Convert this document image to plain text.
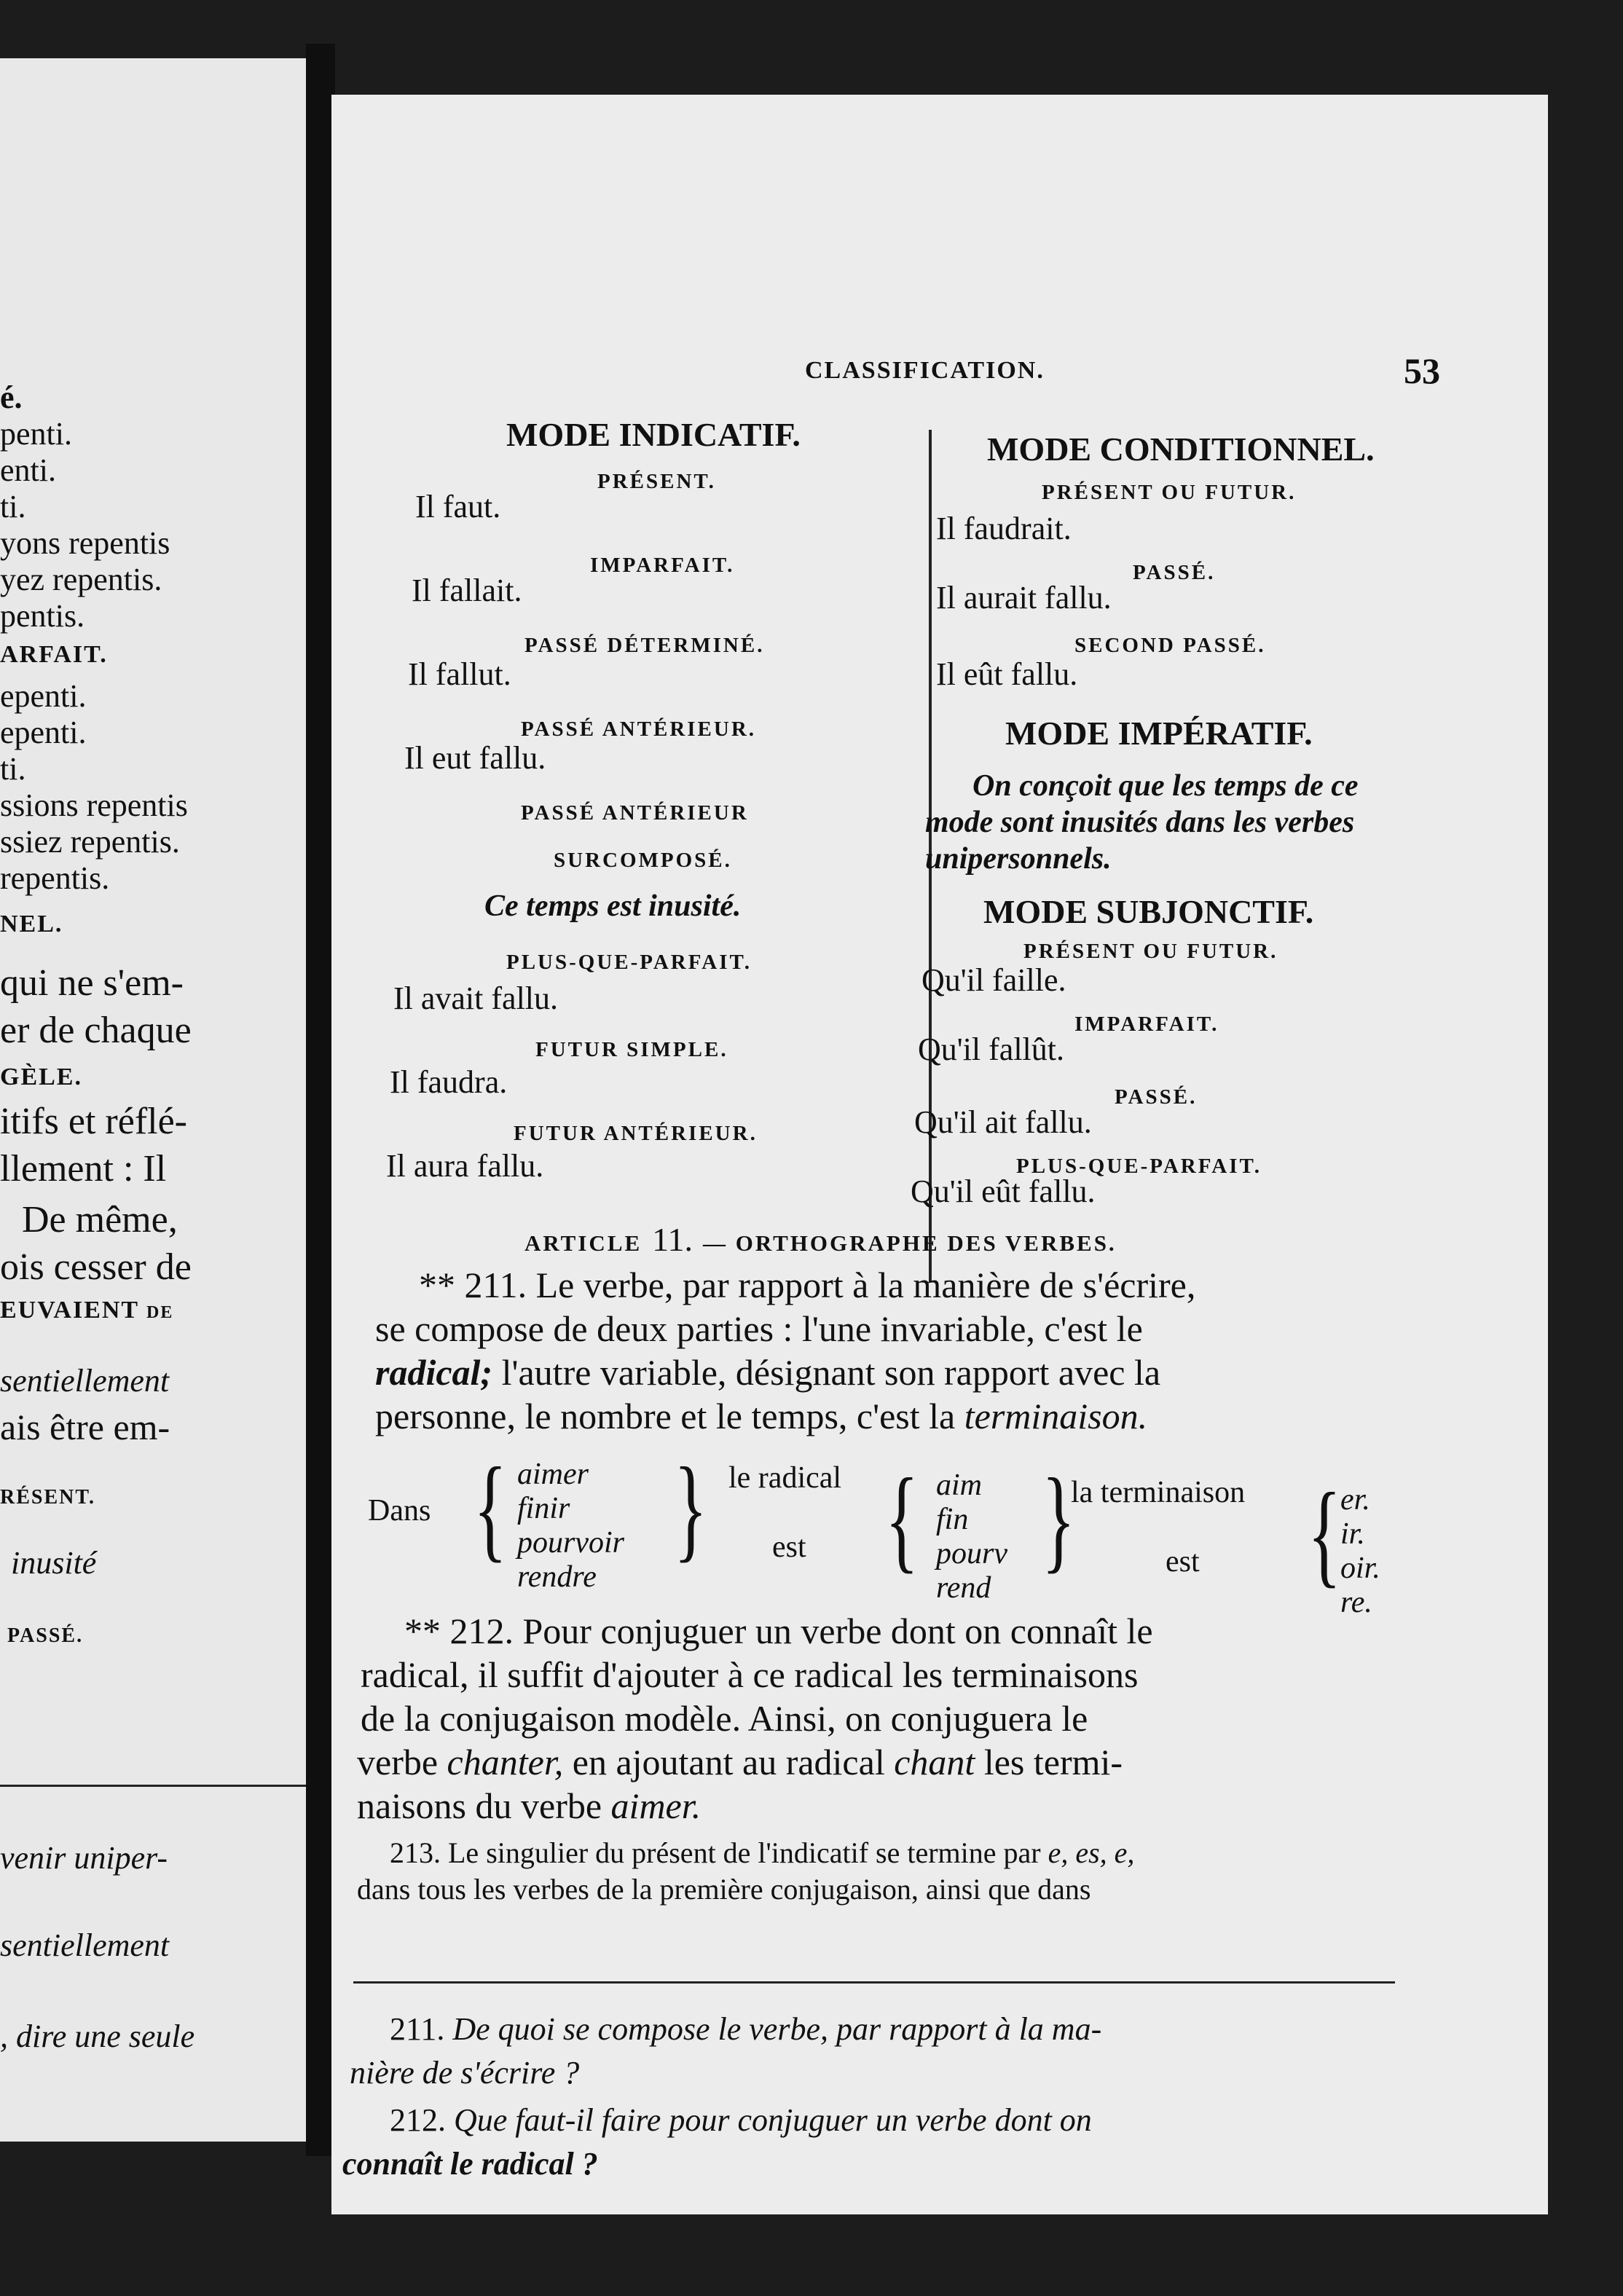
é.
penti.
enti.
ti.
yons repentis
yez repentis.
pentis.
ARFAIT.
epenti.
epenti.
ti.
ssions repentis
ssiez repentis.
repentis.
NEL.
qui ne s'em-
er de chaque
GÈLE.
itifs et réflé-
llement : Il
De même,
ois cesser de
EUVAIENT de
sentiellement
ais être em-
RÉSENT.
inusité
PASSÉ.
venir uniper-
sentiellement
, dire une seule
CLASSIFICATION.	53
MODE INDICATIF.
PRÉSENT.
Il faut.
IMPARFAIT.
Il fallait.
PASSÉ DÉTERMINÉ.
Il fallut.
PASSÉ ANTÉRIEUR.
Il eut fallu.
PASSÉ ANTÉRIEUR
SURCOMPOSÉ.
Ce temps est inusité.
PLUS-QUE-PARFAIT.
Il avait fallu.
FUTUR SIMPLE.
Il faudra.
FUTUR ANTÉRIEUR.
Il aura fallu.
MODE CONDITIONNEL.
PRÉSENT OU FUTUR.
Il faudrait.
PASSÉ.
Il aurait fallu.
SECOND PASSÉ.
Il eût fallu.
MODE IMPÉRATIF.
On conçoit que les temps de ce
mode sont inusités dans les verbes
unipersonnels.
MODE SUBJONCTIF.
PRÉSENT OU FUTUR.
Qu'il faille.
IMPARFAIT.
Qu'il fallût.
PASSÉ.
Qu'il ait fallu.
PLUS-QUE-PARFAIT.
Qu'il eût fallu.
ARTICLE 11. — ORTHOGRAPHE DES VERBES.
** 211. Le verbe, par rapport à la manière de s'écrire,
se compose de deux parties : l'une invariable, c'est le
radical; l'autre variable, désignant son rapport avec la
personne, le nombre et le temps, c'est la terminaison.
Dans { aimer
finir
pourvoir
rendre
} le radical
est { aim
fin
pourv
rend
}
la terminaison
est {
er.
ir.
oir.
re.
** 212. Pour conjuguer un verbe dont on connaît le
radical, il suffit d'ajouter à ce radical les terminaisons
de la conjugaison modèle. Ainsi, on conjuguera le
verbe chanter, en ajoutant au radical chant les termi-
naisons du verbe aimer.
213. Le singulier du présent de l'indicatif se termine par e, es, e,
dans tous les verbes de la première conjugaison, ainsi que dans
211. De quoi se compose le verbe, par rapport à la ma-
nière de s'écrire ?
212. Que faut-il faire pour conjuguer un verbe dont on
connaît le radical ?
